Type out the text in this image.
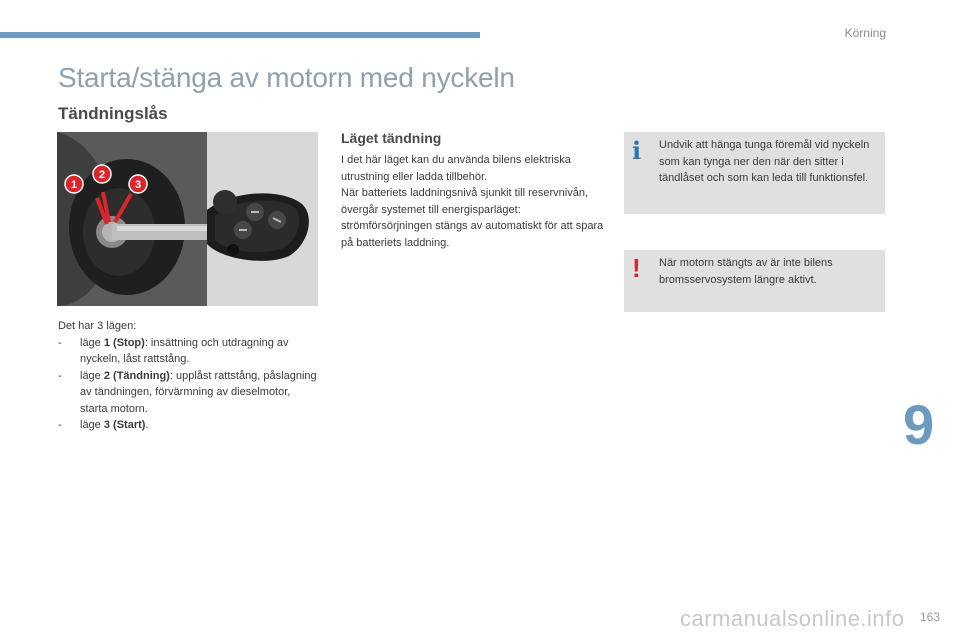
Körning
Starta/stänga av motorn med nyckeln
Tändningslås
1
2
3

Det har 3 lägen:

- läge 1 (Stop): insättning och utdragning av nyckeln, låst rattstång.
- läge 2 (Tändning): upplåst rattstång, påslagning av tändningen, förvärmning av dieselmotor, starta motorn.
- läge 3 (Start).
Läget tändning

I det här läget kan du använda bilens elektriska utrustning eller ladda tillbehör.

När batteriets laddningsnivå sjunkit till reservnivån, övergår systemet till energisparläget: strömförsörjningen stängs av automatiskt för att spara på batteriets laddning.

i Undvik att hänga tunga föremål vid nyckeln som kan tynga ner den när den sitter i tändlåset och som kan leda till funktionsfel.
! När motorn stängts av är inte bilens bromsservosystem längre aktivt.
9
carmanualsonline.info	163
